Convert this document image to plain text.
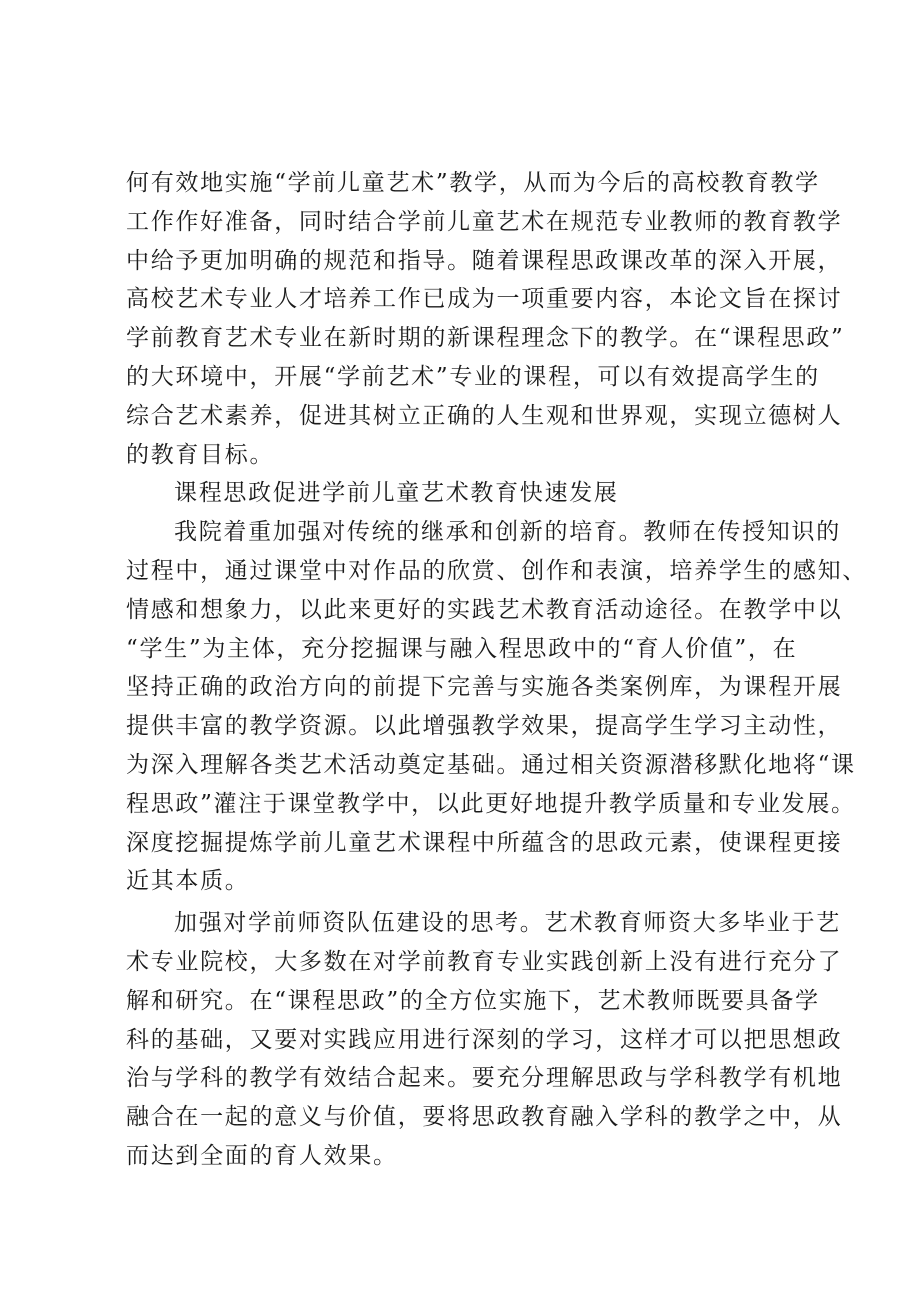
何有效地实施“学前儿童艺术”教学，从而为今后的高校教育教学
工作作好准备，同时结合学前儿童艺术在规范专业教师的教育教学
中给予更加明确的规范和指导。随着课程思政课改革的深入开展，
高校艺术专业人才培养工作已成为一项重要内容，本论文旨在探讨
学前教育艺术专业在新时期的新课程理念下的教学。在“课程思政”
的大环境中，开展“学前艺术”专业的课程，可以有效提高学生的
综合艺术素养，促进其树立正确的人生观和世界观，实现立德树人
的教育目标。

课程思政促进学前儿童艺术教育快速发展

我院着重加强对传统的继承和创新的培育。教师在传授知识的
过程中，通过课堂中对作品的欣赏、创作和表演，培养学生的感知、
情感和想象力，以此来更好的实践艺术教育活动途径。在教学中以
“学生”为主体，充分挖掘课与融入程思政中的“育人价值”，在
坚持正确的政治方向的前提下完善与实施各类案例库，为课程开展
提供丰富的教学资源。以此增强教学效果，提高学生学习主动性，
为深入理解各类艺术活动奠定基础。通过相关资源潜移默化地将“课
程思政”灌注于课堂教学中，以此更好地提升教学质量和专业发展。
深度挖掘提炼学前儿童艺术课程中所蕴含的思政元素，使课程更接
近其本质。

加强对学前师资队伍建设的思考。艺术教育师资大多毕业于艺
术专业院校，大多数在对学前教育专业实践创新上没有进行充分了
解和研究。在“课程思政”的全方位实施下，艺术教师既要具备学
科的基础，又要对实践应用进行深刻的学习，这样才可以把思想政
治与学科的教学有效结合起来。要充分理解思政与学科教学有机地
融合在一起的意义与价值，要将思政教育融入学科的教学之中，从
而达到全面的育人效果。
